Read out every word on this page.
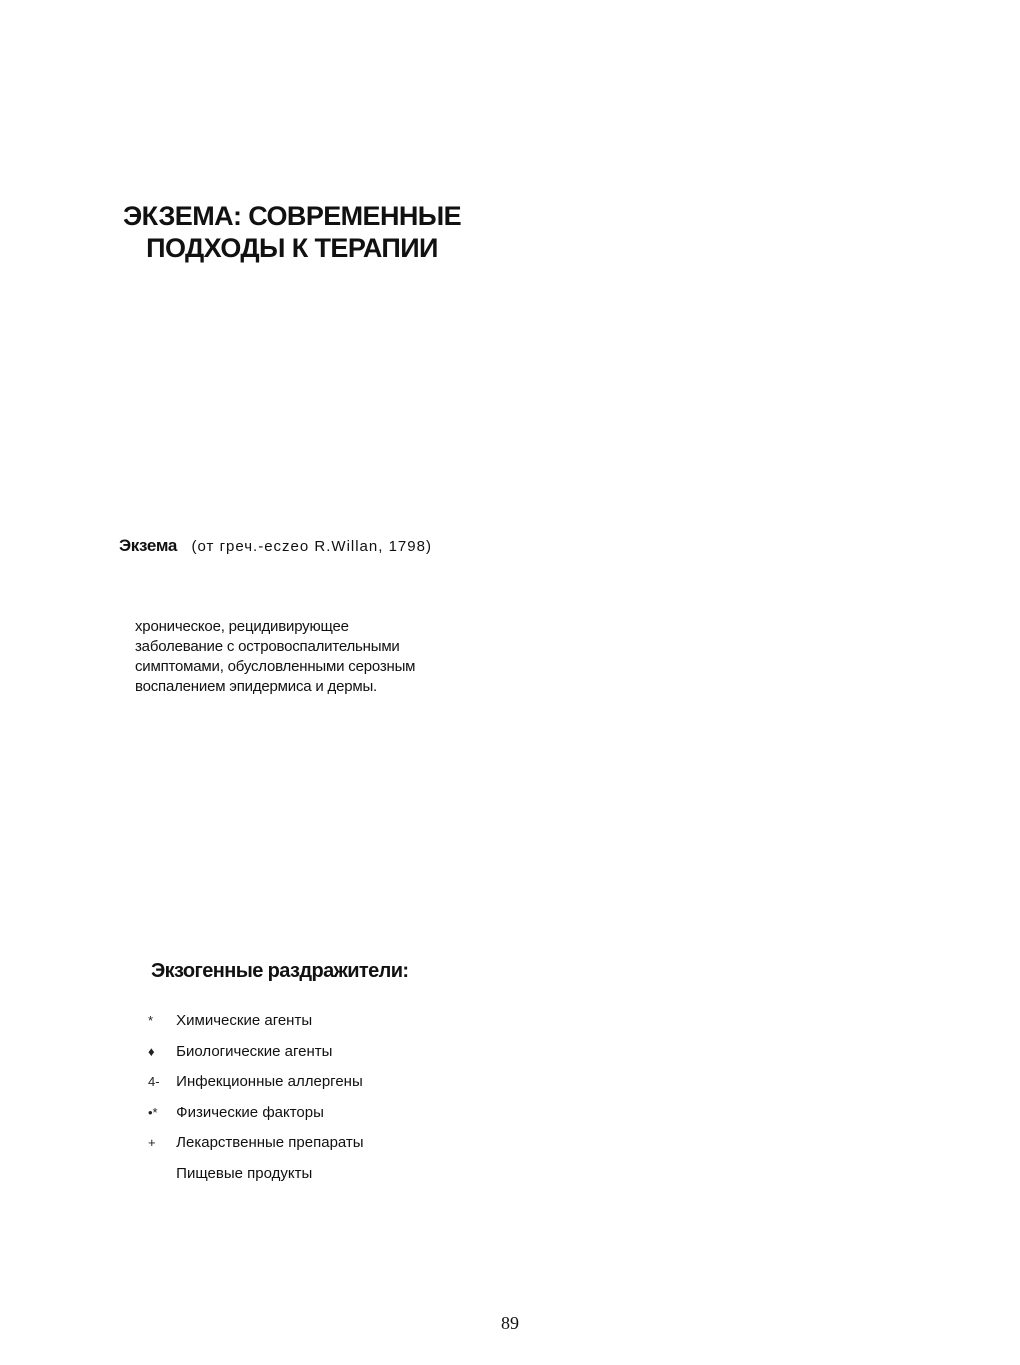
ЭКЗЕМА: СОВРЕМЕННЫЕ
ПОДХОДЫ К ТЕРАПИИ
Экзема (от греч.-eczeo R.Willan, 1798)
хроническое, рецидивирующее
заболевание с островоспалительными
симптомами, обусловленными серозным
воспалением эпидермиса и дермы.
Экзогенные раздражители:
* Химические агенты
♦ Биологические агенты
4- Инфекционные аллергены
•* Физические факторы
+ Лекарственные препараты
Пищевые продукты
89
